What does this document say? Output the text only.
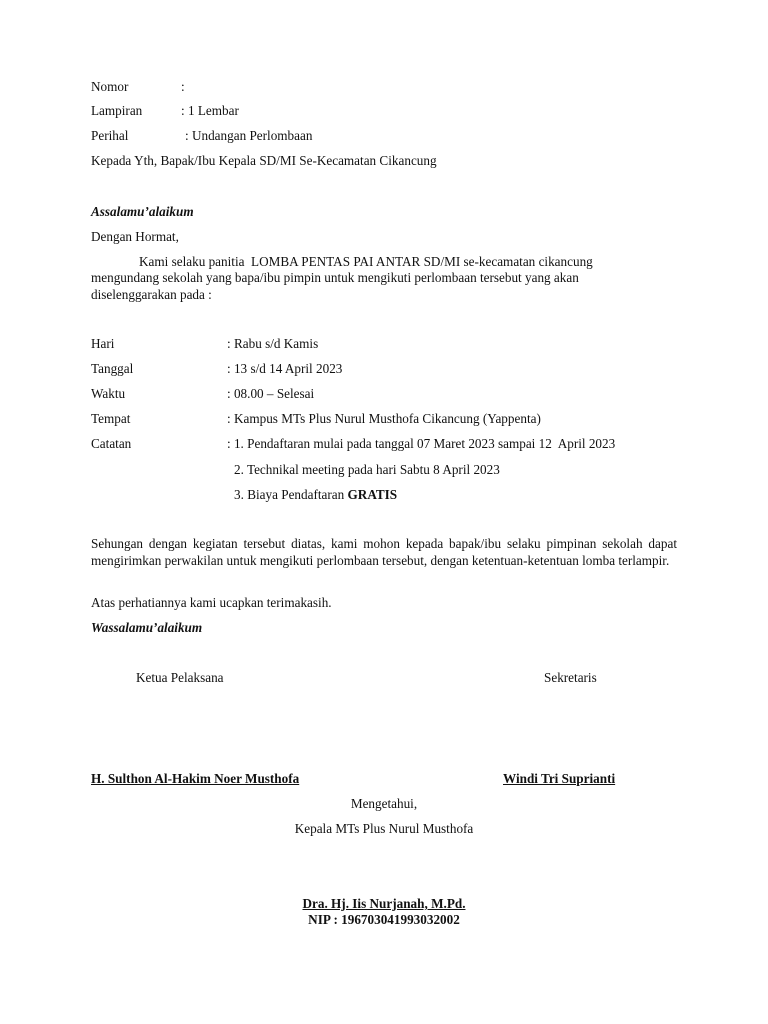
Nomor	:
Lampiran	: 1 Lembar
Perihal	: Undangan Perlombaan
Kepada Yth, Bapak/Ibu Kepala SD/MI Se-Kecamatan Cikancung
Assalamu’alaikum
Dengan Hormat,
Kami selaku panitia  LOMBA PENTAS PAI ANTAR SD/MI se-kecamatan cikancung
mengundang sekolah yang bapa/ibu pimpin untuk mengikuti perlombaan tersebut yang akan
diselenggarakan pada :
Hari	: Rabu s/d Kamis
Tanggal	: 13 s/d 14 April 2023
Waktu	: 08.00 – Selesai
Tempat	: Kampus MTs Plus Nurul Musthofa Cikancung (Yappenta)
Catatan	: 1. Pendaftaran mulai pada tanggal 07 Maret 2023 sampai 12  April 2023
2. Technikal meeting pada hari Sabtu 8 April 2023
3. Biaya Pendaftaran GRATIS

Sehungan dengan kegiatan tersebut diatas, kami mohon kepada bapak/ibu selaku pimpinan sekolah dapat mengirimkan perwakilan untuk mengikuti perlombaan tersebut, dengan ketentuan-ketentuan lomba terlampir.

Atas perhatiannya kami ucapkan terimakasih.
Wassalamu’alaikum
Ketua Pelaksana	Sekretaris
H. Sulthon Al-Hakim Noer Musthofa	Windi Tri Suprianti
Mengetahui,
Kepala MTs Plus Nurul Musthofa
Dra. Hj. Iis Nurjanah, M.Pd.
NIP : 196703041993032002
